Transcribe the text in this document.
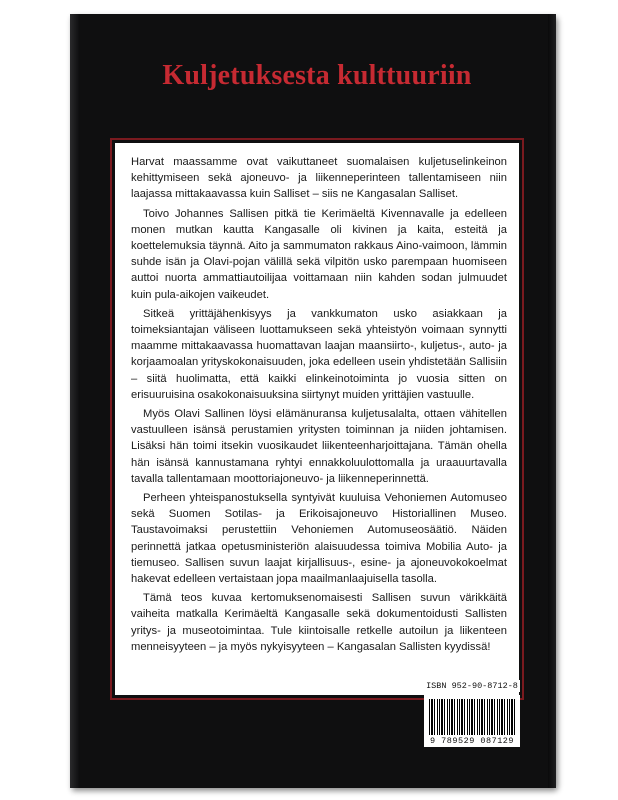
Kuljetuksesta kulttuuriin

Harvat maassamme ovat vaikuttaneet suomalaisen kuljetuselinkeinon kehittymiseen sekä ajoneuvo- ja liikenneperinteen tallentamiseen niin laajassa mittakaavassa kuin Salliset – siis ne Kangasalan Salliset.

Toivo Johannes Sallisen pitkä tie Kerimäeltä Kivennavalle ja edelleen monen mutkan kautta Kangasalle oli kivinen ja kaita, esteitä ja koettelemuksia täynnä. Aito ja sammumaton rakkaus Aino-vaimoon, lämmin suhde isän ja Olavi-pojan välillä sekä vilpitön usko parempaan huomiseen auttoi nuorta ammattiautoilijaa voittamaan niin kahden sodan julmuudet kuin pula-aikojen vaikeudet.

Sitkeä yrittäjähenkisyys ja vankkumaton usko asiakkaan ja toimeksiantajan väliseen luottamukseen sekä yhteistyön voimaan synnytti maamme mittakaavassa huomattavan laajan maansiirto-, kuljetus-, auto- ja korjaamoalan yrityskokonaisuuden, joka edelleen usein yhdistetään Sallisiin – siitä huolimatta, että kaikki elinkeinotoiminta jo vuosia sitten on erisuuruisina osakokonaisuuksina siirtynyt muiden yrittäjien vastuulle.

Myös Olavi Sallinen löysi elämänuransa kuljetusalalta, ottaen vähitellen vastuulleen isänsä perustamien yritysten toiminnan ja niiden johtamisen. Lisäksi hän toimi itsekin vuosikaudet liikenteenharjoittajana. Tämän ohella hän isänsä kannustamana ryhtyi ennakkoluulottomalla ja uraauurtavalla tavalla tallentamaan moottoriajoneuvo- ja liikenneperinnettä.

Perheen yhteispanostuksella syntyivät kuuluisa Vehoniemen Automuseo sekä Suomen Sotilas- ja Erikoisajoneuvo Historiallinen Museo. Taustavoimaksi perustettiin Vehoniemen Automuseosäätiö. Näiden perinnettä jatkaa opetusministeriön alaisuudessa toimiva Mobilia Auto- ja tiemuseo. Sallisen suvun laajat kirjallisuus-, esine- ja ajoneuvokokoelmat hakevat edelleen vertaistaan jopa maailmanlaajuisella tasolla.

Tämä teos kuvaa kertomuksenomaisesti Sallisen suvun värikkäitä vaiheita matkalla Kerimäeltä Kangasalle sekä dokumentoidusti Sallisten yritys- ja museotoimintaa. Tule kiintoisalle retkelle autoilun ja liikenteen menneisyyteen – ja myös nykyisyyteen – Kangasalan Sallisten kyydissä!

ISBN 952-90-8712-8
9 789529 087129
